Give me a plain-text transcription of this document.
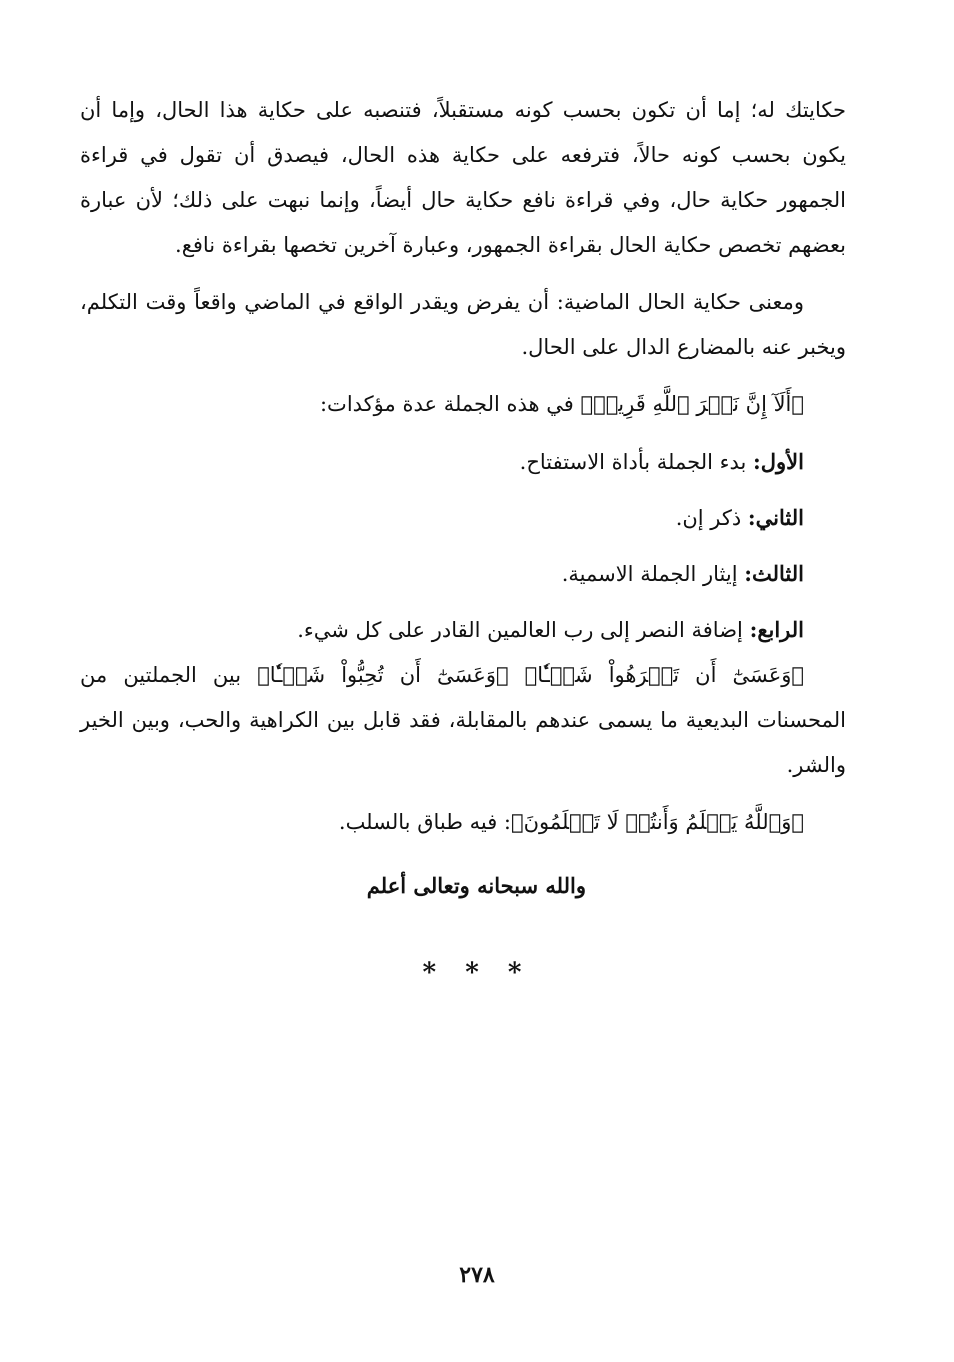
حكايتك له؛ إما أن تكون بحسب كونه مستقبلاً، فتنصبه على حكاية هذا الحال، وإما أن يكون بحسب كونه حالاً، فترفعه على حكاية هذه الحال، فيصدق أن تقول في قراءة الجمهور حكاية حال، وفي قراءة نافع حكاية حال أيضاً، وإنما نبهت على ذلك؛ لأن عبارة بعضهم تخصص حكاية الحال بقراءة الجمهور، وعبارة آخرين تخصها بقراءة نافع.

ومعنى حكاية الحال الماضية: أن يفرض ويقدر الواقع في الماضي واقعاً وقت التكلم، ويخبر عنه بالمضارع الدال على الحال.

﴿أَلَآ إِنَّ نَصۡرَ ٱللَّهِ قَرِيبٞ﴾ في هذه الجملة عدة مؤكدات:

الأول: بدء الجملة بأداة الاستفتاح.

الثاني: ذكر إن.

الثالث: إيثار الجملة الاسمية.

الرابع: إضافة النصر إلى رب العالمين القادر على كل شيء.

﴿وَعَسَىٰٓ أَن تَكۡرَهُواْ شَيۡـٔٗا﴾ ﴿وَعَسَىٰٓ أَن تُحِبُّواْ شَيۡـٔٗا﴾ بين الجملتين من المحسنات البديعية ما يسمى عندهم بالمقابلة، فقد قابل بين الكراهية والحب، وبين الخير والشر.

﴿وَٱللَّهُ يَعۡلَمُ وَأَنتُمۡ لَا تَعۡلَمُونَ﴾: فيه طباق بالسلب.

والله سبحانه وتعالى أعلم

* * *
٢٧٨
